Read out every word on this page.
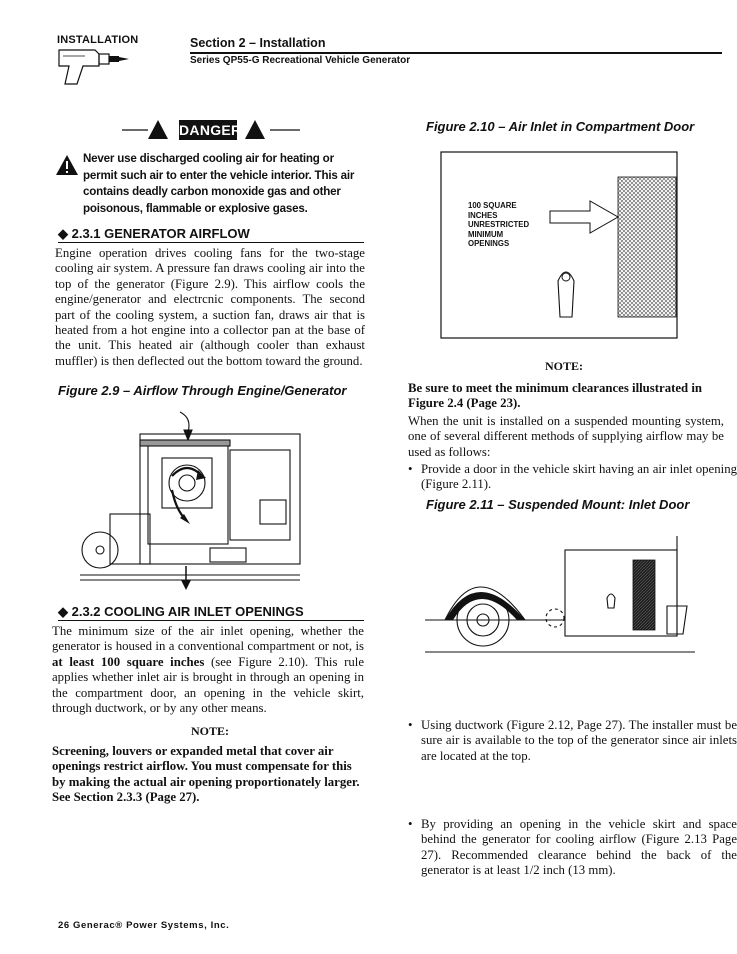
INSTALLATION	Section 2 – Installation
Series QP55-G Recreational Vehicle Generator
DANGER
Never use discharged cooling air for heating or permit such air to enter the vehicle interior. This air contains deadly carbon monoxide gas and other poisonous, flammable or explosive gases.
◆ 2.3.1 GENERATOR AIRFLOW
Engine operation drives cooling fans for the two-stage cooling air system. A pressure fan draws cooling air into the top of the generator (Figure 2.9). This airflow cools the engine/generator and electrcnic components. The second part of the cooling system, a suction fan, draws air that is heated from a hot engine into a collector pan at the base of the unit. This heated air (although cooler than exhaust muffler) is then deflected out the bottom toward the ground.
Figure 2.9 – Airflow Through Engine/Generator
◆ 2.3.2 COOLING AIR INLET OPENINGS
The minimum size of the air inlet opening, whether the generator is housed in a conventional compartment or not, is at least 100 square inches (see Figure 2.10). This rule applies whether inlet air is brought in through an opening in the compartment door, an opening in the vehicle skirt, through ductwork, or by any other means.
NOTE:
Screening, louvers or expanded metal that cover air openings restrict airflow. You must compensate for this by making the actual air opening proportionately larger. See Section 2.3.3 (Page 27).
Figure 2.10 – Air Inlet in Compartment Door
100 SQUARE INCHES
UNRESTRICTED
MINIMUM OPENINGS
NOTE:
Be sure to meet the minimum clearances illustrated in Figure 2.4 (Page 23).
When the unit is installed on a suspended mounting system, one of several different methods of supplying airflow may be used as follows:
• Provide a door in the vehicle skirt having an air inlet opening (Figure 2.11).
Figure 2.11 – Suspended Mount: Inlet Door
• Using ductwork (Figure 2.12, Page 27). The installer must be sure air is available to the top of the generator since air inlets are located at the top.
• By providing an opening in the vehicle skirt and space behind the generator for cooling airflow (Figure 2.13 Page 27). Recommended clearance behind the back of the generator is at least 1/2 inch (13 mm).
26 Generac® Power Systems, Inc.
